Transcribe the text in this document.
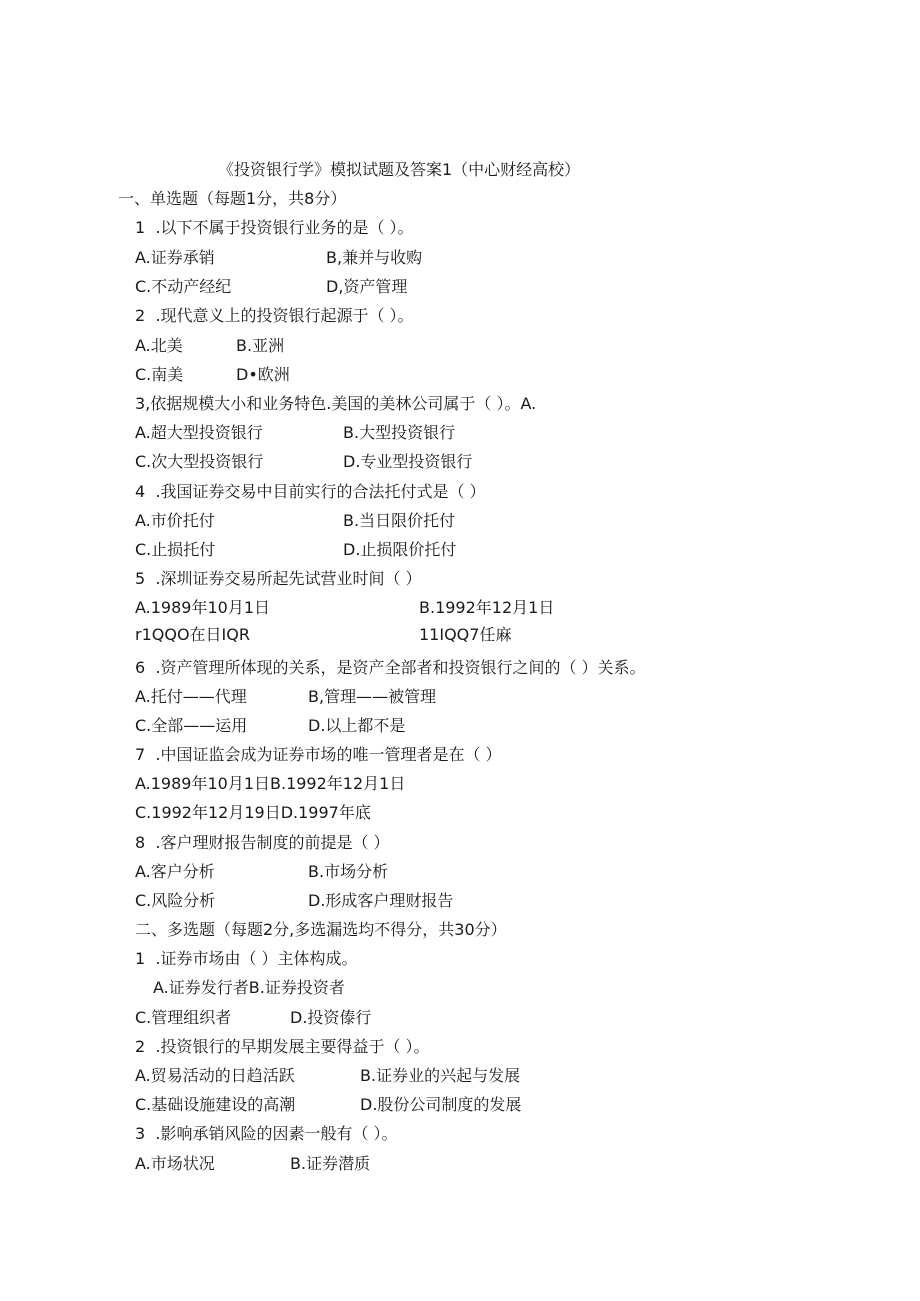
《投资银行学》模拟试题及答案1（中心财经高校）
一、单选题（每题1分，共8分）
1  .以下不属于投资银行业务的是（ ）。
A.证券承销	B,兼并与收购
C.不动产经纪	D,资产管理
2  .现代意义上的投资银行起源于（ ）。
A.北美	B.亚洲
C.南美	D•欧洲
3,依据规模大小和业务特色.美国的美林公司属于（ ）。A.
A.超大型投资银行	B.大型投资银行
C.次大型投资银行	D.专业型投资银行
4  .我国证券交易中目前实行的合法托付式是（ ）
A.市价托付	B.当日限价托付
C.止损托付	D.止损限价托付
5  .深圳证券交易所起先试营业时间（ ）
A.1989年10月1日	B.1992年12月1日
r1QQO在日IQR	11IQQ7任麻
6  .资产管理所体现的关系，是资产全部者和投资银行之间的（ ）关系。
A.托付——代理	B,管理——被管理
C.全部——运用	D.以上都不是
7  .中国证监会成为证券市场的唯一管理者是在（ ）
A.1989年10月1日B.1992年12月1日
C.1992年12月19日D.1997年底
8  .客户理财报告制度的前提是（ ）
A.客户分析	B.市场分析
C.风险分析	D.形成客户理财报告
二、多选题（每题2分,多选漏选均不得分，共30分）
1  .证券市场由（ ）主体构成。
A.证券发行者B.证券投资者
C.管理组织者	D.投资傣行
2  .投资银行的早期发展主要得益于（ ）。
A.贸易活动的日趋活跃	B.证券业的兴起与发展
C.基础设施建设的高潮	D.股份公司制度的发展
3  .影响承销风险的因素一般有（ ）。
A.市场状况	B.证券潜质
